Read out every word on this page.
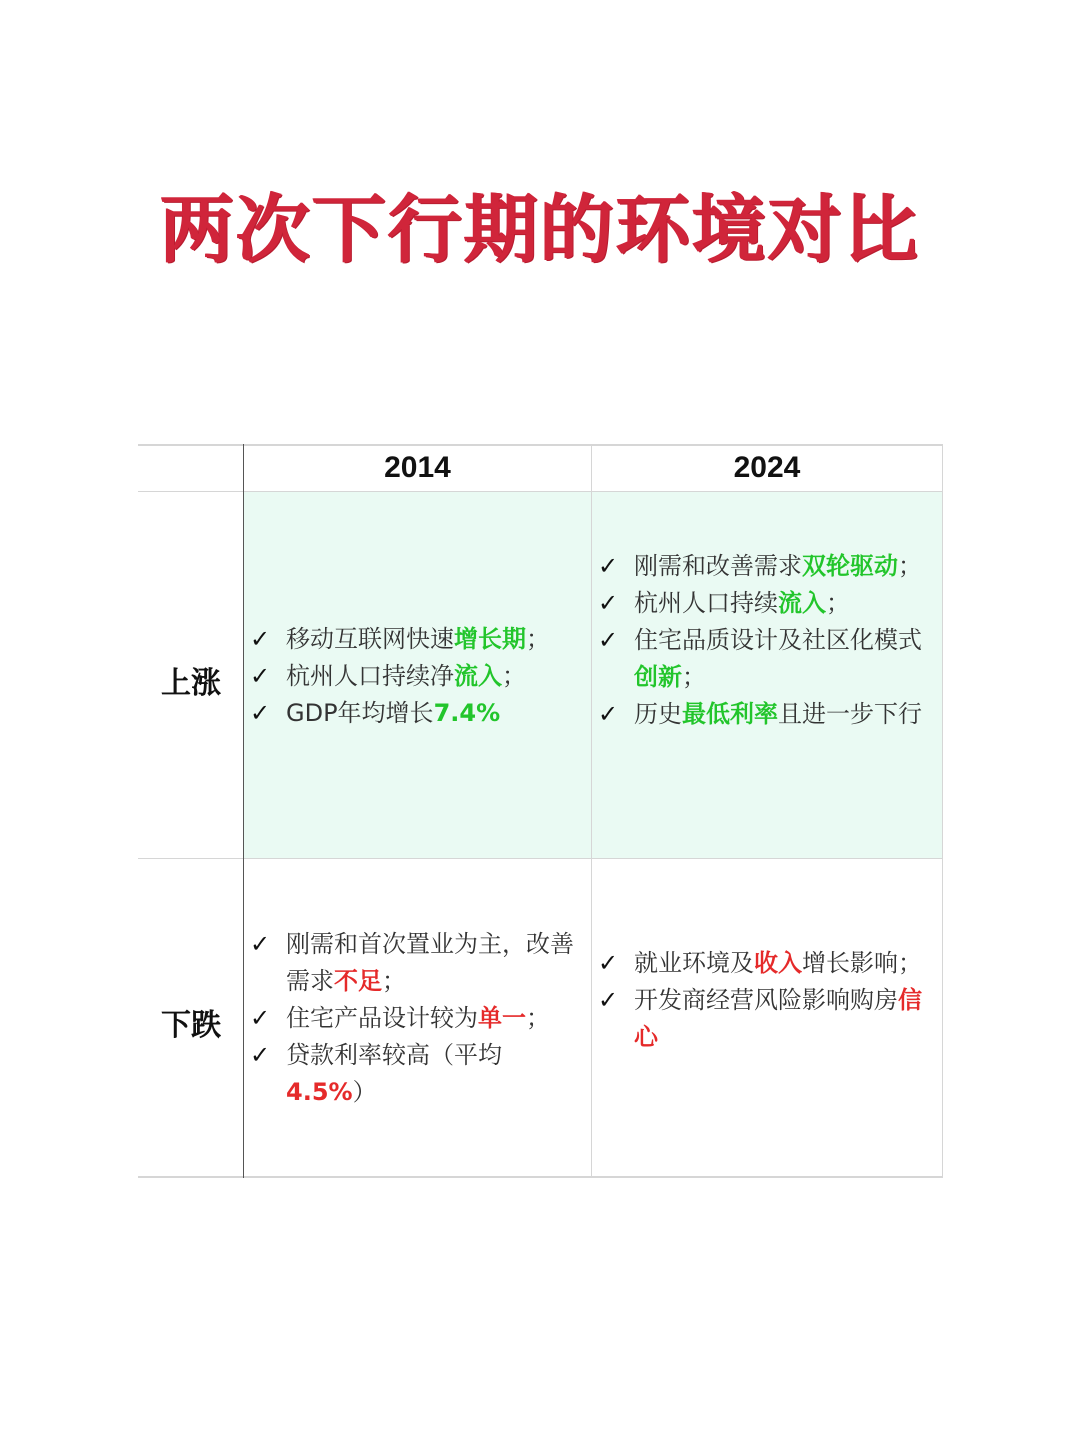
两次下行期的环境对比
2014	2024
上涨
下跌
✓ 移动互联网快速增长期；
✓ 杭州人口持续净流入；
✓ GDP年均增长7.4%
✓ 刚需和改善需求双轮驱动；
✓ 杭州人口持续流入；
✓ 住宅品质设计及社区化模式创新；
✓ 历史最低利率且进一步下行
✓ 刚需和首次置业为主，改善需求不足；
✓ 住宅产品设计较为单一；
✓ 贷款利率较高（平均4.5%）
✓ 就业环境及收入增长影响；
✓ 开发商经营风险影响购房信心
